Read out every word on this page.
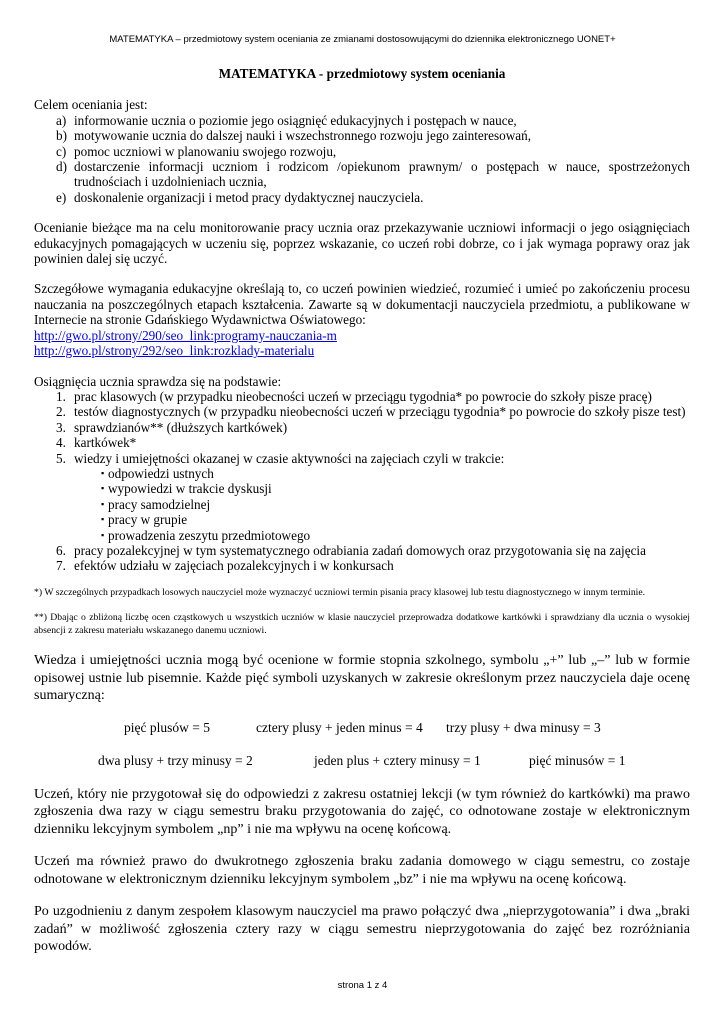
MATEMATYKA – przedmiotowy system oceniania ze zmianami dostosowującymi do dziennika elektronicznego UONET+

MATEMATYKA - przedmiotowy system oceniania

Celem oceniania jest:

a) informowanie ucznia o poziomie jego osiągnięć edukacyjnych i postępach w nauce,
b) motywowanie ucznia do dalszej nauki i wszechstronnego rozwoju jego zainteresowań,
c) pomoc uczniowi w planowaniu swojego rozwoju,
d) dostarczenie informacji uczniom i rodzicom /opiekunom prawnym/ o postępach w nauce, spostrzeżonych trudnościach i uzdolnieniach ucznia,
e) doskonalenie organizacji i metod pracy dydaktycznej nauczyciela.

Ocenianie bieżące ma na celu monitorowanie pracy ucznia oraz przekazywanie uczniowi informacji o jego osiągnięciach edukacyjnych pomagających w uczeniu się, poprzez wskazanie, co uczeń robi dobrze, co i jak wymaga poprawy oraz jak powinien dalej się uczyć.

Szczegółowe wymagania edukacyjne określają to, co uczeń powinien wiedzieć, rozumieć i umieć po zakończeniu procesu nauczania na poszczególnych etapach kształcenia. Zawarte są w dokumentacji nauczyciela przedmiotu, a publikowane w Internecie na stronie Gdańskiego Wydawnictwa Oświatowego:

http://gwo.pl/strony/290/seo_link:programy-nauczania-m
http://gwo.pl/strony/292/seo_link:rozklady-materialu

Osiągnięcia ucznia sprawdza się na podstawie:

1. prac klasowych (w przypadku nieobecności uczeń w przeciągu tygodnia* po powrocie do szkoły pisze pracę)
2. testów diagnostycznych (w przypadku nieobecności uczeń w przeciągu tygodnia* po powrocie do szkoły pisze test)
3. sprawdzianów** (dłuższych kartkówek)
4. kartkówek*
5. wiedzy i umiejętności okazanej w czasie aktywności na zajęciach czyli w trakcie:
▪ odpowiedzi ustnych
▪ wypowiedzi w trakcie dyskusji
▪ pracy samodzielnej
▪ pracy w grupie
▪ prowadzenia zeszytu przedmiotowego
6. pracy pozalekcyjnej w tym systematycznego odrabiania zadań domowych oraz przygotowania się na zajęcia
7. efektów udziału w zajęciach pozalekcyjnych i w konkursach

*) W szczególnych przypadkach losowych nauczyciel może wyznaczyć uczniowi termin pisania pracy klasowej lub testu diagnostycznego w innym terminie.

**) Dbając o zbliżoną liczbę ocen cząstkowych u wszystkich uczniów w klasie nauczyciel przeprowadza dodatkowe kartkówki i sprawdziany dla ucznia o wysokiej absencji z zakresu materiału wskazanego danemu uczniowi.

Wiedza i umiejętności ucznia mogą być ocenione w formie stopnia szkolnego, symbolu „+” lub „–” lub w formie opisowej ustnie lub pisemnie. Każde pięć symboli uzyskanych w zakresie określonym przez nauczyciela daje ocenę sumaryczną:

pięć plusów = 5	cztery plusy + jeden minus = 4 trzy plusy + dwa minusy = 3
dwa plusy + trzy minusy = 2	jeden plus + cztery minusy = 1	pięć minusów = 1

Uczeń, który nie przygotował się do odpowiedzi z zakresu ostatniej lekcji (w tym również do kartkówki) ma prawo zgłoszenia dwa razy w ciągu semestru braku przygotowania do zajęć, co odnotowane zostaje w elektronicznym dzienniku lekcyjnym symbolem „np” i nie ma wpływu na ocenę końcową.

Uczeń ma również prawo do dwukrotnego zgłoszenia braku zadania domowego w ciągu semestru, co zostaje odnotowane w elektronicznym dzienniku lekcyjnym symbolem „bz” i nie ma wpływu na ocenę końcową.

Po uzgodnieniu z danym zespołem klasowym nauczyciel ma prawo połączyć dwa „nieprzygotowania” i dwa „braki zadań” w możliwość zgłoszenia cztery razy w ciągu semestru nieprzygotowania do zajęć bez rozróżniania powodów.

strona 1 z 4
